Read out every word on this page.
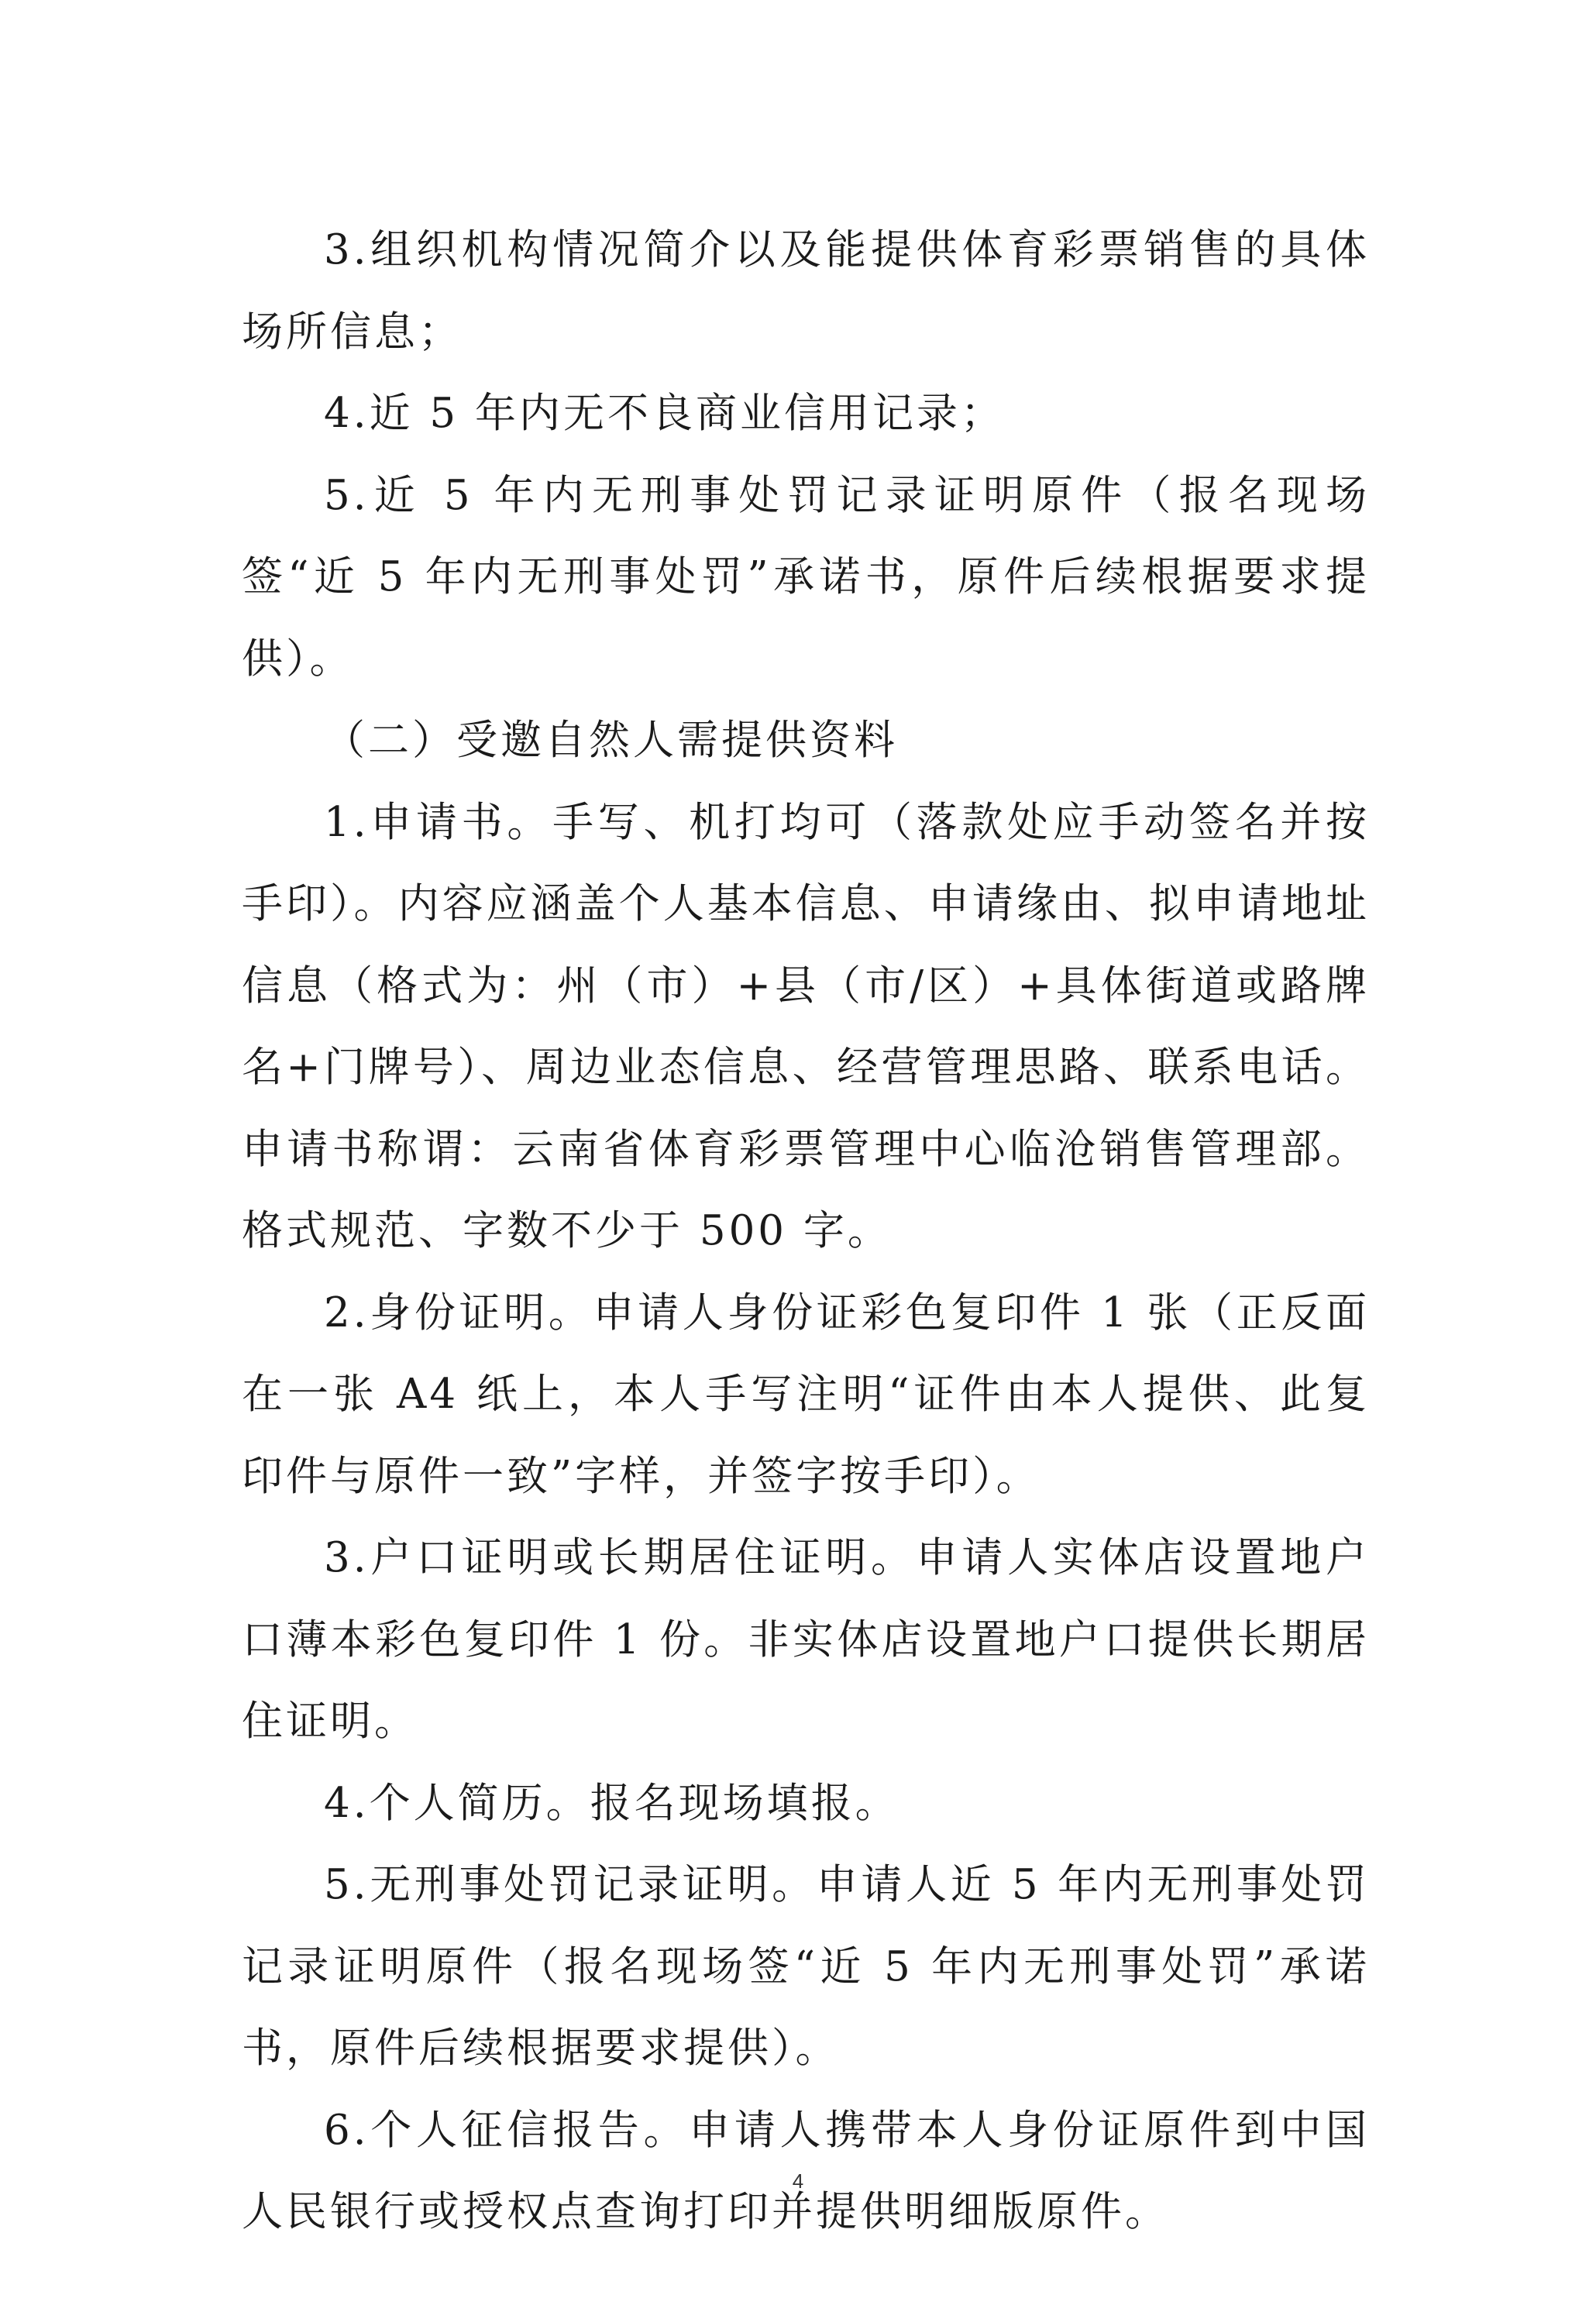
3.组织机构情况简介以及能提供体育彩票销售的具体场所信息；

4.近 5 年内无不良商业信用记录；

5.近 5 年内无刑事处罚记录证明原件（报名现场签“近 5 年内无刑事处罚”承诺书，原件后续根据要求提供）。

（二）受邀自然人需提供资料

1.申请书。手写、机打均可（落款处应手动签名并按手印）。内容应涵盖个人基本信息、申请缘由、拟申请地址信息（格式为：州（市）+县（市/区）+具体街道或路牌名+门牌号）、周边业态信息、经营管理思路、联系电话。申请书称谓：云南省体育彩票管理中心临沧销售管理部。格式规范、字数不少于 500 字。

2.身份证明。申请人身份证彩色复印件 1 张（正反面在一张 A4 纸上，本人手写注明“证件由本人提供、此复印件与原件一致”字样，并签字按手印）。

3.户口证明或长期居住证明。申请人实体店设置地户口薄本彩色复印件 1 份。非实体店设置地户口提供长期居住证明。

4.个人简历。报名现场填报。

5.无刑事处罚记录证明。申请人近 5 年内无刑事处罚记录证明原件（报名现场签“近 5 年内无刑事处罚”承诺书，原件后续根据要求提供）。

6.个人征信报告。申请人携带本人身份证原件到中国人民银行或授权点查询打印并提供明细版原件。

4
